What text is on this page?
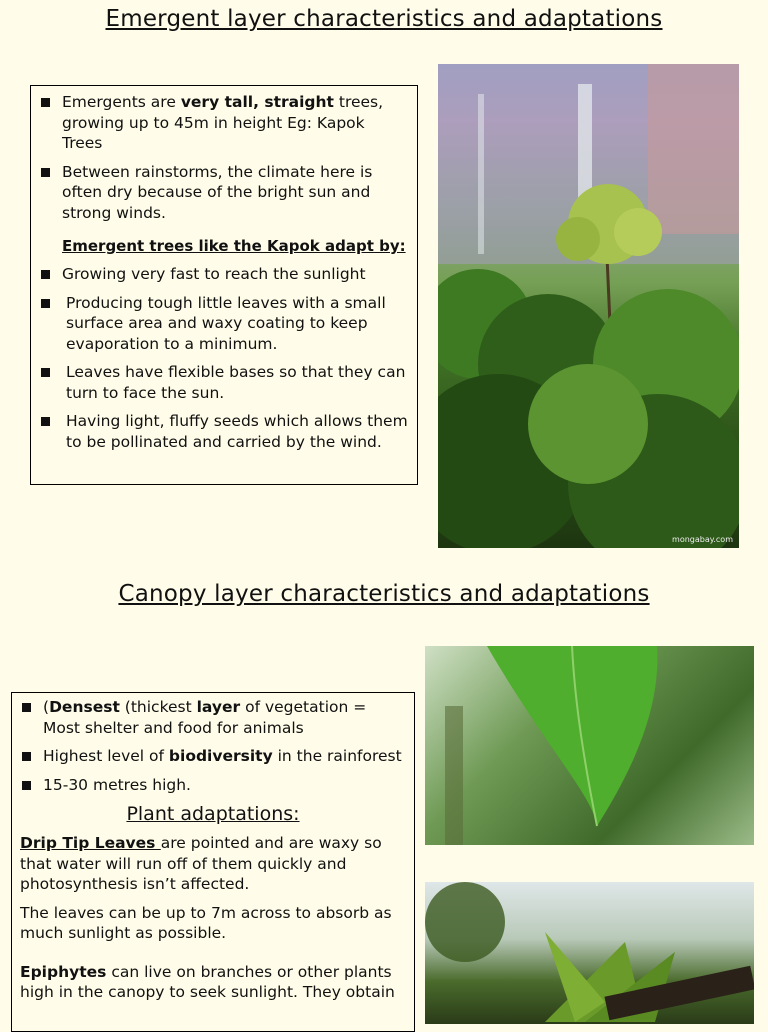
Emergent layer characteristics and adaptations
Emergents are very tall, straight trees, growing up to 45m in height Eg: Kapok Trees
Between rainstorms, the climate here is often dry because of the bright sun and strong winds.
Emergent trees like the Kapok adapt by:
Growing very fast to reach the sunlight
Producing tough little leaves with a small surface area and waxy coating to keep evaporation to a minimum.
Leaves have flexible bases so that they can turn to face the sun.
Having light, fluffy seeds which allows them to be pollinated and carried by the wind.
mongabay.com
Canopy layer characteristics and adaptations
(Densest (thickest layer of vegetation = Most shelter and food for animals
Highest level of biodiversity in the rainforest
15-30 metres high.
Plant adaptations:
Drip Tip Leaves are pointed and are waxy so that water will run off of them quickly and photosynthesis isn’t affected.
The leaves can be up to 7m across to absorb as much sunlight as possible.
Epiphytes can live on branches or other plants high in the canopy to seek sunlight. They obtain
